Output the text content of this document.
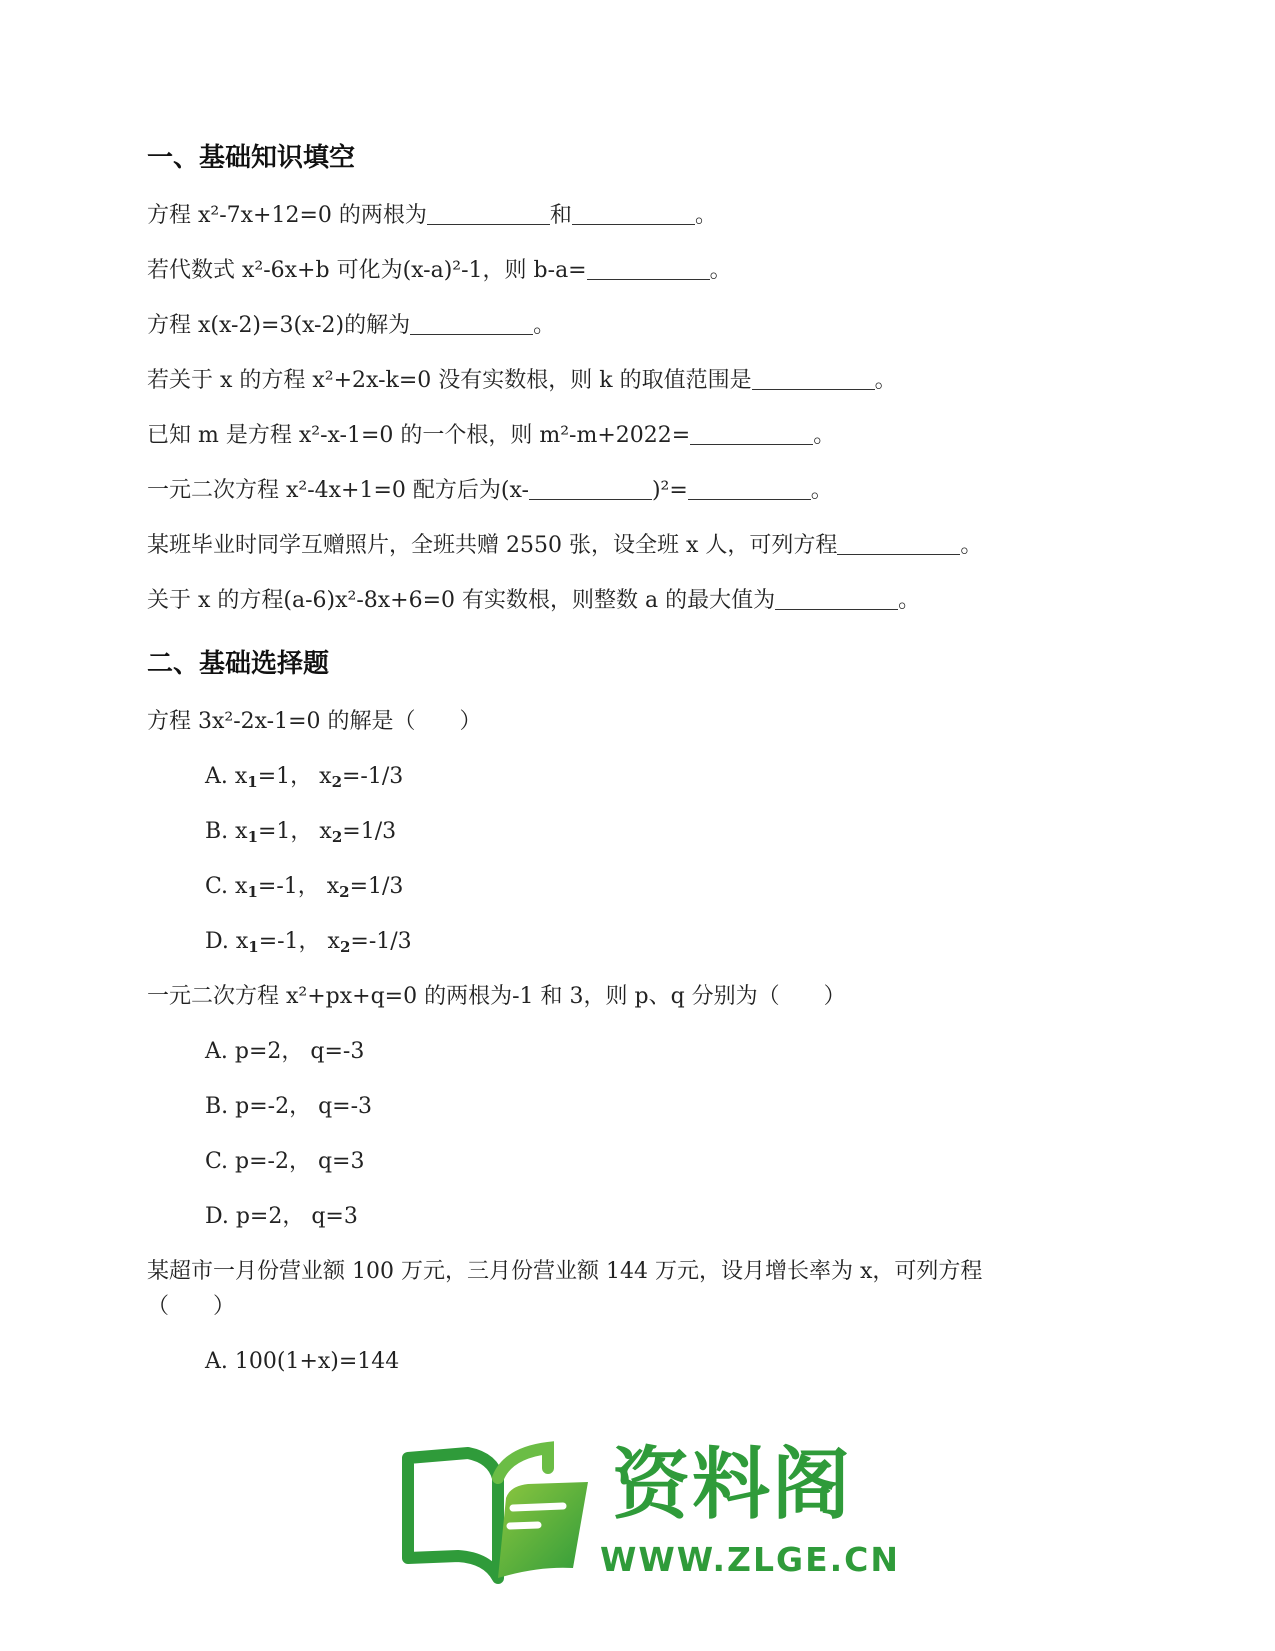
一、基础知识填空
方程 x²-7x+12=0 的两根为	和	。
若代数式 x²-6x+b 可化为(x-a)²-1，则 b-a=	。
方程 x(x-2)=3(x-2)的解为	。
若关于 x 的方程 x²+2x-k=0 没有实数根，则 k 的取值范围是	。
已知 m 是方程 x²-x-1=0 的一个根，则 m²-m+2022=	。
一元二次方程 x²-4x+1=0 配方后为(x-	)²=	。
某班毕业时同学互赠照片，全班共赠 2550 张，设全班 x 人，可列方程	。
关于 x 的方程(a-6)x²-8x+6=0 有实数根，则整数 a 的最大值为	。
二、基础选择题
方程 3x²-2x-1=0 的解是（　　）
A. $x_1=1$， $x_2=-1/3$
B. $x_1=1$， $x_2=1/3$
C. $x_1=-1$， $x_2=1/3$
D. $x_1=-1$， $x_2=-1/3$
一元二次方程 x²+px+q=0 的两根为-1 和 3，则 p、q 分别为（　　）
A. p=2， q=-3
B. p=-2， q=-3
C. p=-2， q=3
D. p=2， q=3
某超市一月份营业额 100 万元，三月份营业额 144 万元，设月增长率为 x，可列方程
（　　）
A. 100(1+x)=144
资料阁
WWW.ZLGE.CN
